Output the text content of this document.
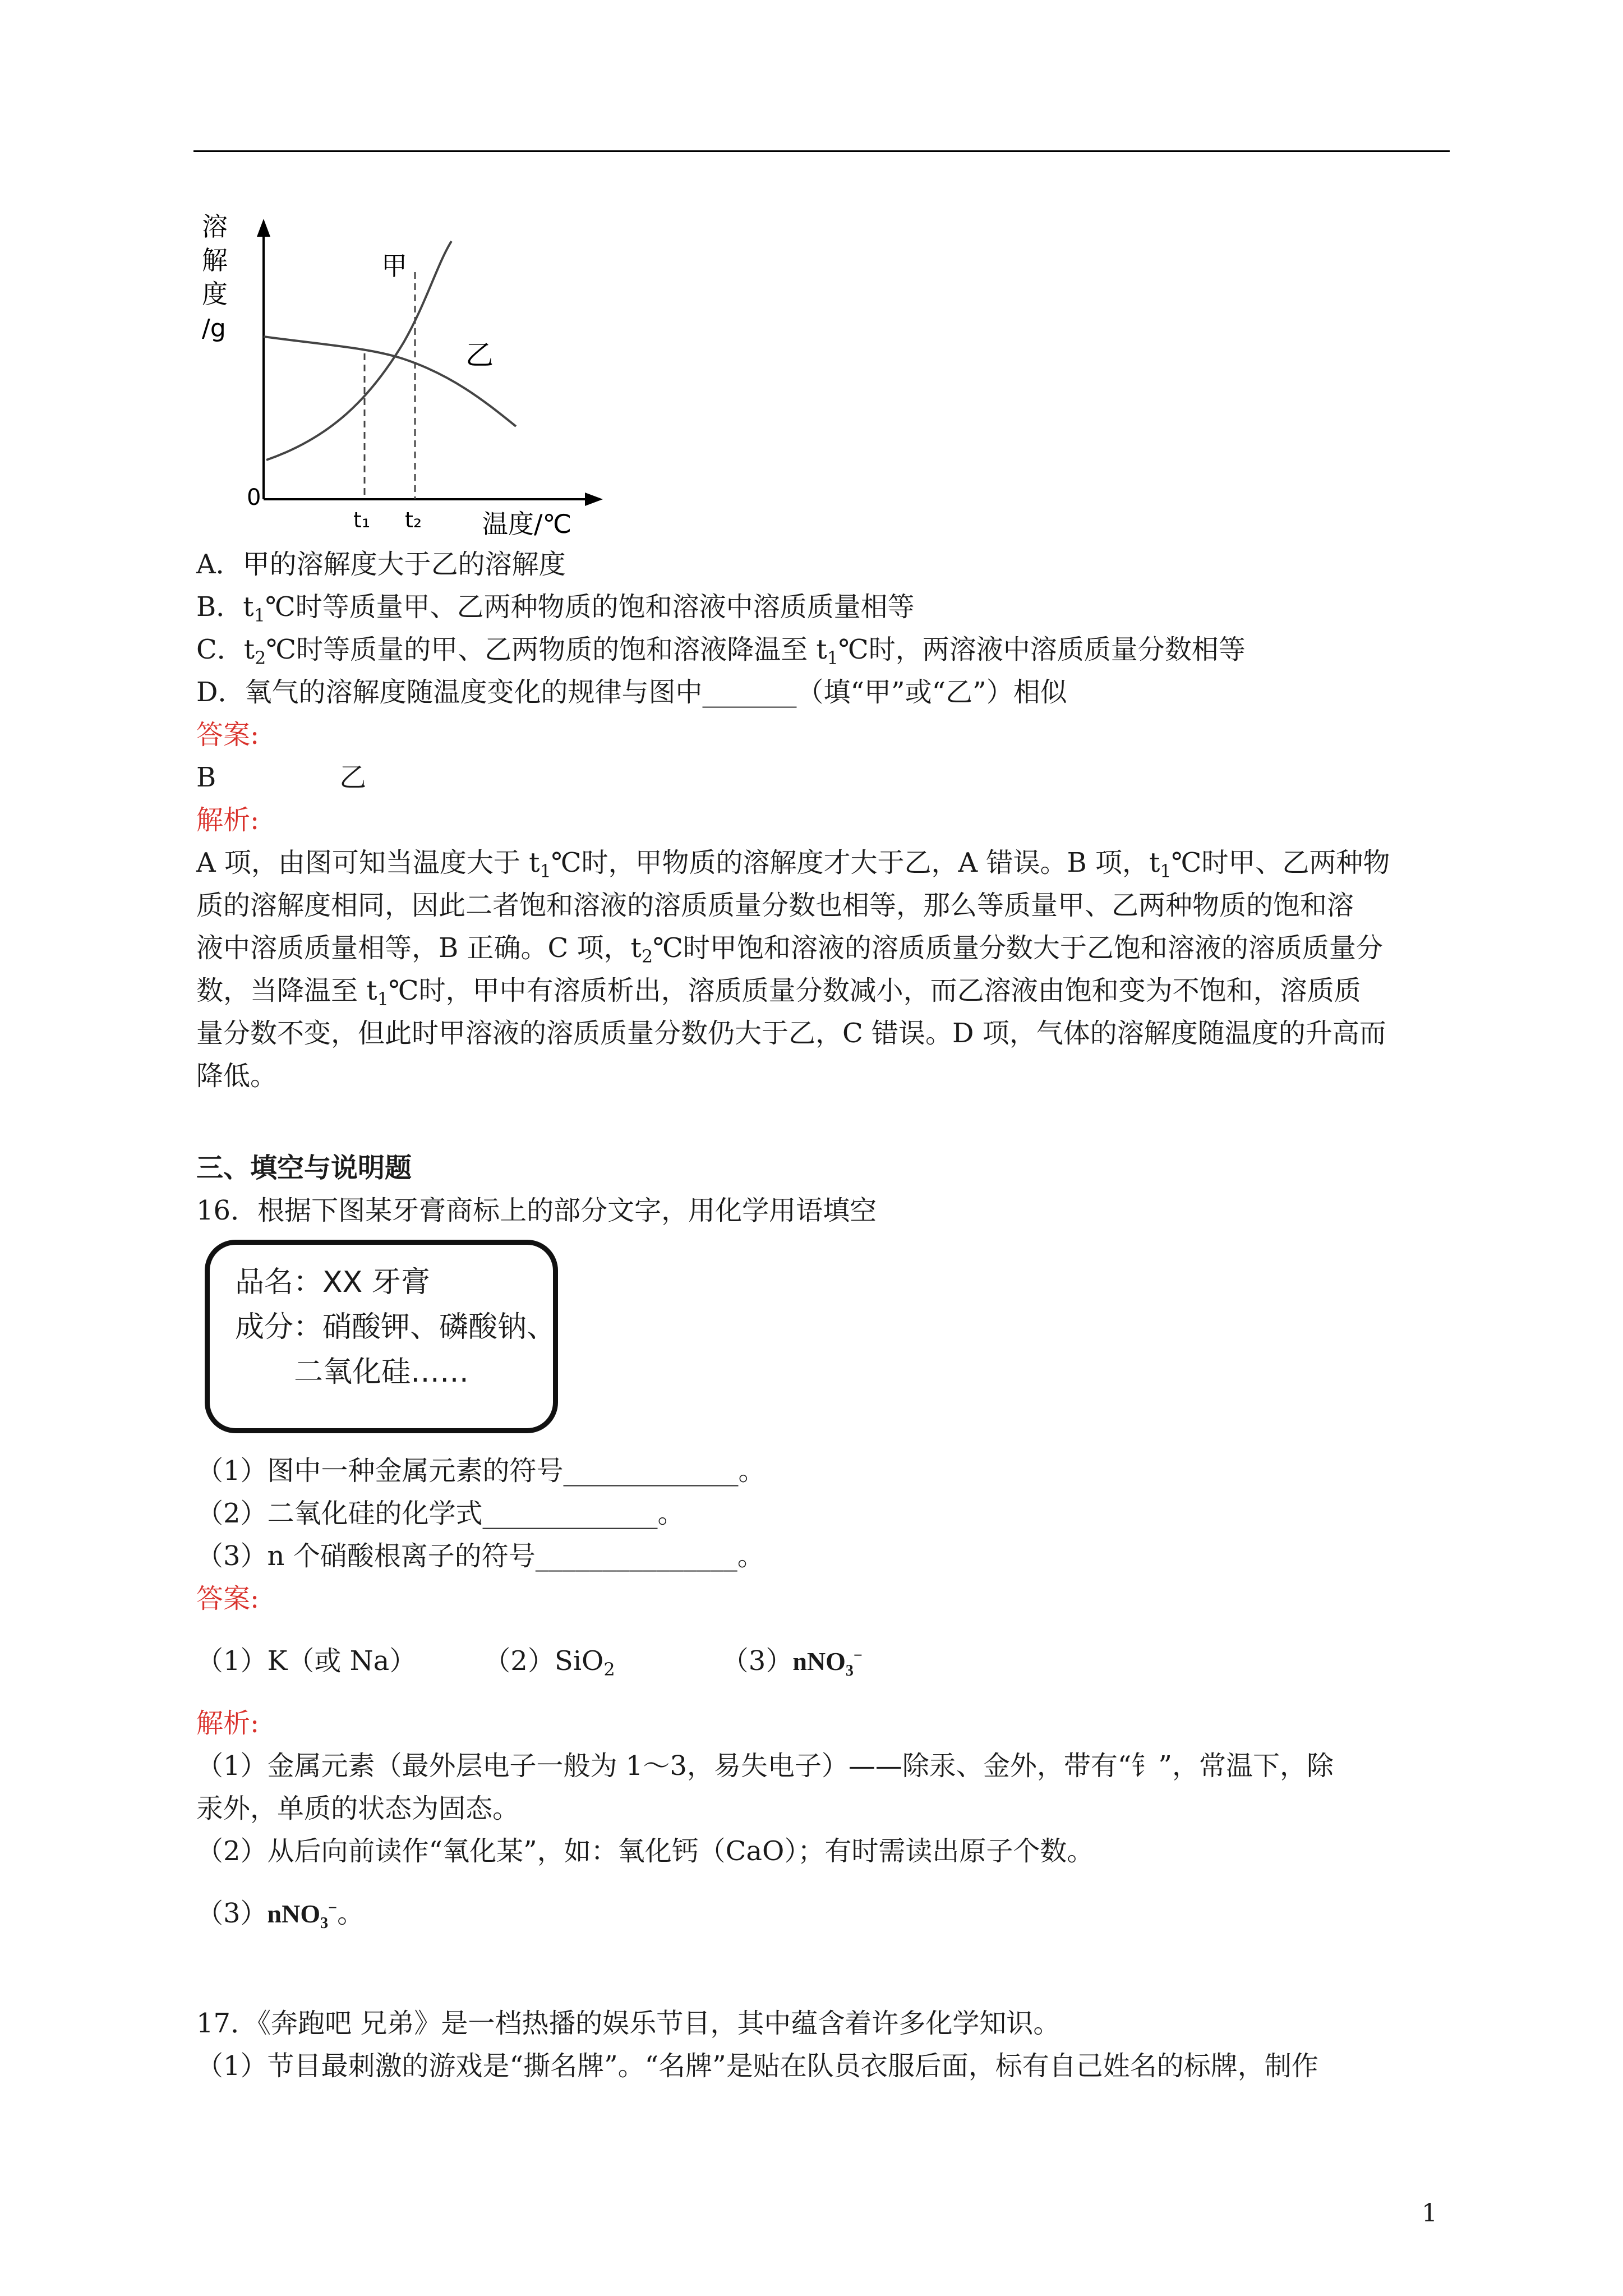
溶
解
度
/g
0
t₁ t₂ 温度/℃
甲
乙
A．甲的溶解度大于乙的溶解度
B．$t_1℃$时等质量甲、乙两种物质的饱和溶液中溶质质量相等
C．$t_2℃$时等质量的甲、乙两物质的饱和溶液降温至 $t_1℃$时，两溶液中溶质质量分数相等
D．氧气的溶解度随温度变化的规律与图中_______（填“甲”或“乙”）相似
答案:
B	乙
解析:
A 项，由图可知当温度大于 $t_1℃$时，甲物质的溶解度才大于乙，A 错误。B 项，$t_1℃$时甲、乙两种物
质的溶解度相同，因此二者饱和溶液的溶质质量分数也相等，那么等质量甲、乙两种物质的饱和溶
液中溶质质量相等，B 正确。C 项，$t_2℃$时甲饱和溶液的溶质质量分数大于乙饱和溶液的溶质质量分
数，当降温至 $t_1℃$时，甲中有溶质析出，溶质质量分数减小，而乙溶液由饱和变为不饱和，溶质质
量分数不变，但此时甲溶液的溶质质量分数仍大于乙，C 错误。D 项，气体的溶解度随温度的升高而
降低。
三、填空与说明题
16．根据下图某牙膏商标上的部分文字，用化学用语填空
品名：XX 牙膏
成分：硝酸钾、磷酸钠、
二氧化硅……
（1）图中一种金属元素的符号_____________。
（2）二氧化硅的化学式_____________。
（3）n 个硝酸根离子的符号_______________。
答案:
（1）K（或 Na）	（2）SiO$_2$	（3）nNO$_3$−
解析:
（1）金属元素（最外层电子一般为 1～3，易失电子）——除汞、金外，带有“钅”，常温下，除
汞外，单质的状态为固态。
（2）从后向前读作“氧化某”，如：氧化钙（CaO）；有时需读出原子个数。
（3）nNO$_3$−。
17．《奔跑吧 兄弟》是一档热播的娱乐节目，其中蕴含着许多化学知识。
（1）节目最刺激的游戏是“撕名牌”。“名牌”是贴在队员衣服后面，标有自己姓名的标牌，制作
1
